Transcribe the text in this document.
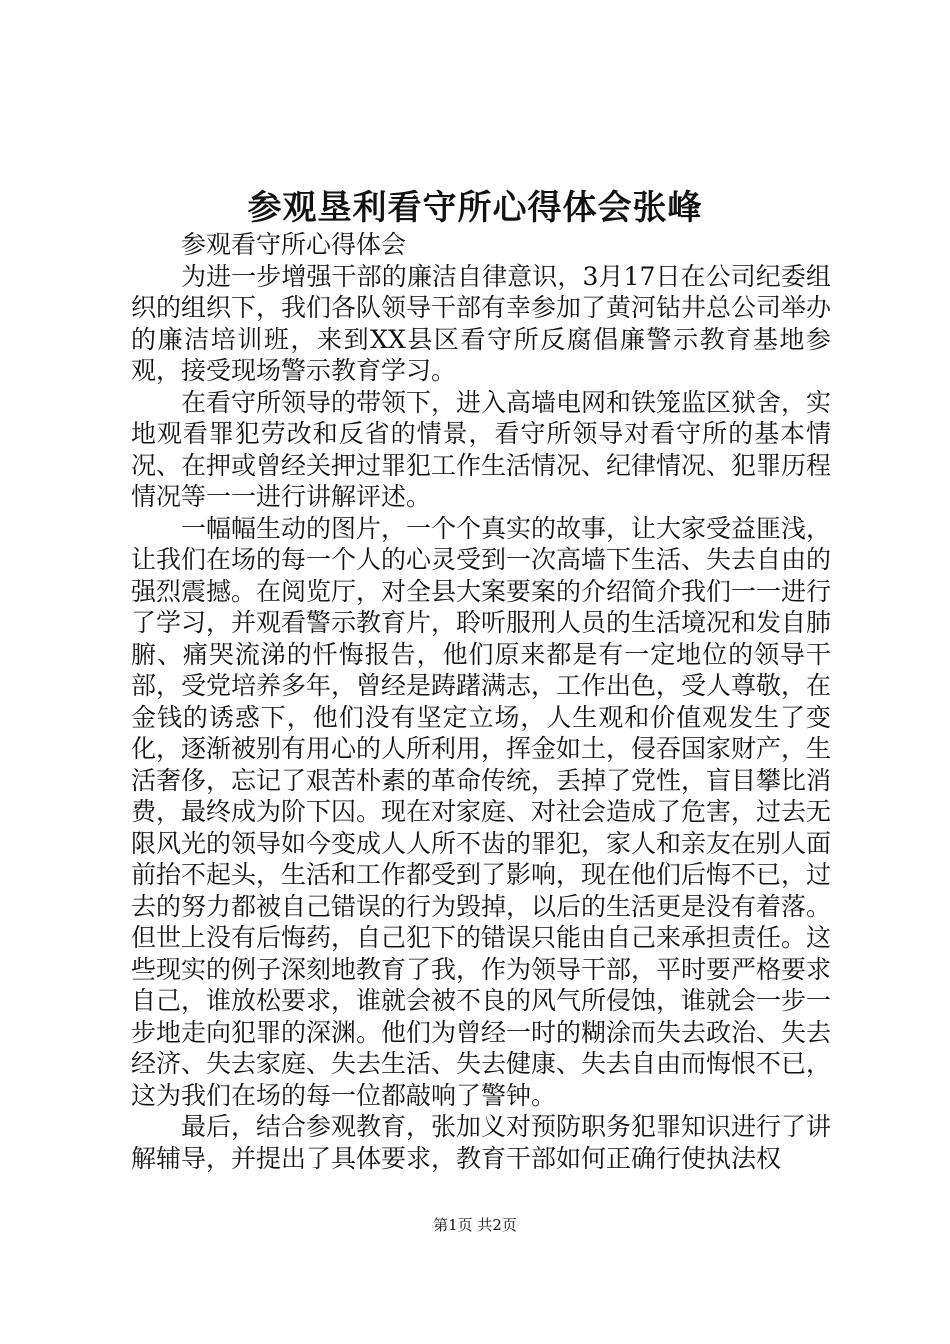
参观垦利看守所心得体会张峰

参观看守所心得体会

为进一步增强干部的廉洁自律意识，3月17日在公司纪委组织的组织下，我们各队领导干部有幸参加了黄河钻井总公司举办的廉洁培训班，来到XX县区看守所反腐倡廉警示教育基地参观，接受现场警示教育学习。

在看守所领导的带领下，进入高墙电网和铁笼监区狱舍，实地观看罪犯劳改和反省的情景，看守所领导对看守所的基本情况、在押或曾经关押过罪犯工作生活情况、纪律情况、犯罪历程情况等一一进行讲解评述。

一幅幅生动的图片，一个个真实的故事，让大家受益匪浅，让我们在场的每一个人的心灵受到一次高墙下生活、失去自由的强烈震撼。在阅览厅，对全县大案要案的介绍简介我们一一进行了学习，并观看警示教育片，聆听服刑人员的生活境况和发自肺腑、痛哭流涕的忏悔报告，他们原来都是有一定地位的领导干部，受党培养多年，曾经是踌躇满志，工作出色，受人尊敬，在金钱的诱惑下，他们没有坚定立场，人生观和价值观发生了变化，逐渐被别有用心的人所利用，挥金如土，侵吞国家财产，生活奢侈，忘记了艰苦朴素的革命传统，丢掉了党性，盲目攀比消费，最终成为阶下囚。现在对家庭、对社会造成了危害，过去无限风光的领导如今变成人人所不齿的罪犯，家人和亲友在别人面前抬不起头，生活和工作都受到了影响，现在他们后悔不已，过去的努力都被自己错误的行为毁掉，以后的生活更是没有着落。但世上没有后悔药，自己犯下的错误只能由自己来承担责任。这些现实的例子深刻地教育了我，作为领导干部，平时要严格要求自己，谁放松要求，谁就会被不良的风气所侵蚀，谁就会一步一步地走向犯罪的深渊。他们为曾经一时的糊涂而失去政治、失去经济、失去家庭、失去生活、失去健康、失去自由而悔恨不已，这为我们在场的每一位都敲响了警钟。

最后，结合参观教育，张加义对预防职务犯罪知识进行了讲解辅导，并提出了具体要求，教育干部如何正确行使执法权

第1页 共2页
